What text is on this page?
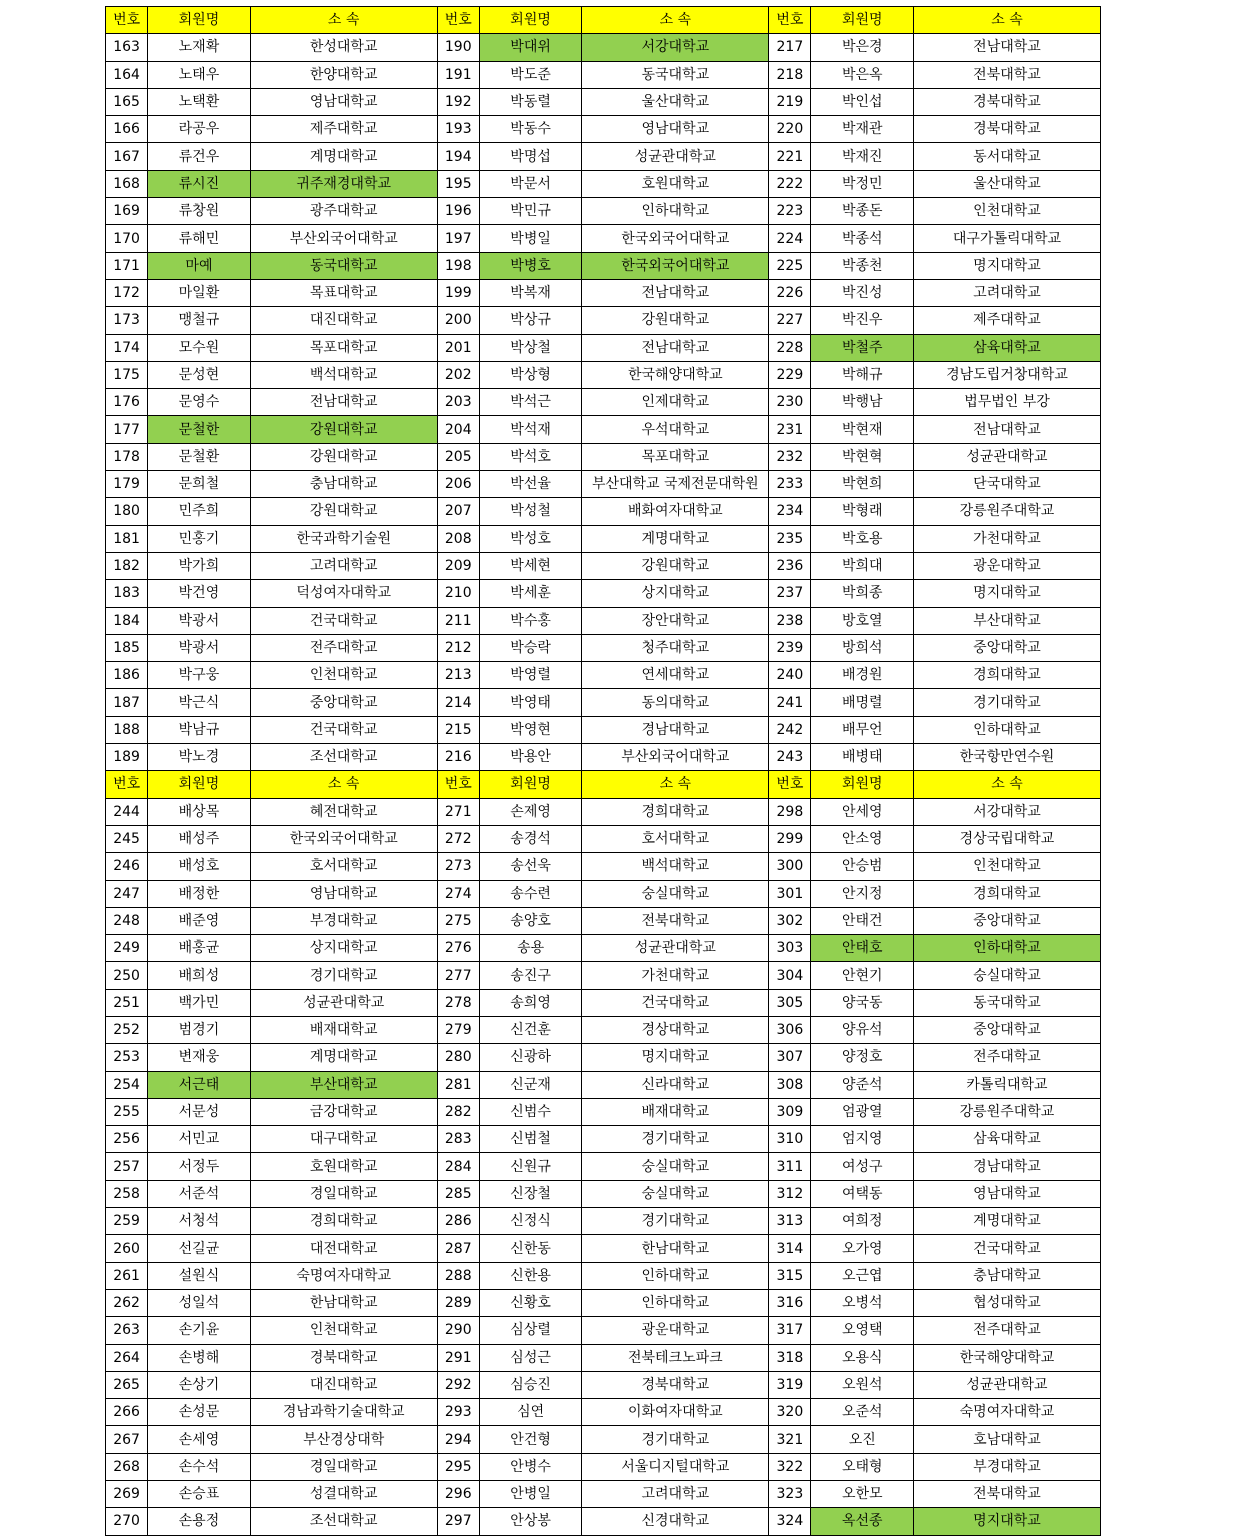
번호	회원명	소 속	번호	회원명	소 속	번호	회원명	소 속
163	노재확	한성대학교	190	박대위	서강대학교	217	박은경	전남대학교
164	노태우	한양대학교	191	박도준	동국대학교	218	박은옥	전북대학교
165	노택환	영남대학교	192	박동렬	울산대학교	219	박인섭	경북대학교
166	라공우	제주대학교	193	박동수	영남대학교	220	박재관	경북대학교
167	류건우	계명대학교	194	박명섭	성균관대학교	221	박재진	동서대학교
168	류시진	귀주재경대학교	195	박문서	호원대학교	222	박정민	울산대학교
169	류창원	광주대학교	196	박민규	인하대학교	223	박종돈	인천대학교
170	류해민	부산외국어대학교	197	박병일	한국외국어대학교	224	박종석	대구가톨릭대학교
171	마예	동국대학교	198	박병호	한국외국어대학교	225	박종천	명지대학교
172	마일환	목표대학교	199	박복재	전남대학교	226	박진성	고려대학교
173	맹철규	대진대학교	200	박상규	강원대학교	227	박진우	제주대학교
174	모수원	목포대학교	201	박상철	전남대학교	228	박철주	삼육대학교
175	문성현	백석대학교	202	박상형	한국해양대학교	229	박해규	경남도립거창대학교
176	문영수	전남대학교	203	박석근	인제대학교	230	박행남	법무법인 부강
177	문철한	강원대학교	204	박석재	우석대학교	231	박현재	전남대학교
178	문철환	강원대학교	205	박석호	목포대학교	232	박현혁	성균관대학교
179	문희철	충남대학교	206	박선율	부산대학교 국제전문대학원	233	박현희	단국대학교
180	민주희	강원대학교	207	박성철	배화여자대학교	234	박형래	강릉원주대학교
181	민홍기	한국과학기술원	208	박성호	계명대학교	235	박호용	가천대학교
182	박가희	고려대학교	209	박세현	강원대학교	236	박희대	광운대학교
183	박건영	덕성여자대학교	210	박세훈	상지대학교	237	박희종	명지대학교
184	박광서	건국대학교	211	박수홍	장안대학교	238	방호열	부산대학교
185	박광서	전주대학교	212	박승락	청주대학교	239	방희석	중앙대학교
186	박구웅	인천대학교	213	박영렬	연세대학교	240	배경원	경희대학교
187	박근식	중앙대학교	214	박영태	동의대학교	241	배명렬	경기대학교
188	박남규	건국대학교	215	박영현	경남대학교	242	배무언	인하대학교
189	박노경	조선대학교	216	박용안	부산외국어대학교	243	배병태	한국항만연수원
번호	회원명	소 속	번호	회원명	소 속	번호	회원명	소 속
244	배상목	혜전대학교	271	손제영	경희대학교	298	안세영	서강대학교
245	배성주	한국외국어대학교	272	송경석	호서대학교	299	안소영	경상국립대학교
246	배성호	호서대학교	273	송선욱	백석대학교	300	안승범	인천대학교
247	배정한	영남대학교	274	송수련	숭실대학교	301	안지정	경희대학교
248	배준영	부경대학교	275	송양호	전북대학교	302	안태건	중앙대학교
249	배홍균	상지대학교	276	송용	성균관대학교	303	안태호	인하대학교
250	배희성	경기대학교	277	송진구	가천대학교	304	안현기	숭실대학교
251	백가민	성균관대학교	278	송희영	건국대학교	305	양국동	동국대학교
252	범경기	배재대학교	279	신건훈	경상대학교	306	양유석	중앙대학교
253	변재웅	계명대학교	280	신광하	명지대학교	307	양정호	전주대학교
254	서근태	부산대학교	281	신군재	신라대학교	308	양준석	카톨릭대학교
255	서문성	금강대학교	282	신범수	배재대학교	309	엄광열	강릉원주대학교
256	서민교	대구대학교	283	신범철	경기대학교	310	엄지영	삼육대학교
257	서정두	호원대학교	284	신원규	숭실대학교	311	여성구	경남대학교
258	서준석	경일대학교	285	신장철	숭실대학교	312	여택동	영남대학교
259	서청석	경희대학교	286	신정식	경기대학교	313	여희정	계명대학교
260	선길균	대전대학교	287	신한동	한남대학교	314	오가영	건국대학교
261	설원식	숙명여자대학교	288	신한용	인하대학교	315	오근엽	충남대학교
262	성일석	한남대학교	289	신황호	인하대학교	316	오병석	협성대학교
263	손기윤	인천대학교	290	심상렬	광운대학교	317	오영택	전주대학교
264	손병해	경북대학교	291	심성근	전북테크노파크	318	오용식	한국해양대학교
265	손상기	대진대학교	292	심승진	경북대학교	319	오원석	성균관대학교
266	손성문	경남과학기술대학교	293	심연	이화여자대학교	320	오준석	숙명여자대학교
267	손세영	부산경상대학	294	안건형	경기대학교	321	오진	호남대학교
268	손수석	경일대학교	295	안병수	서울디지털대학교	322	오태형	부경대학교
269	손승표	성결대학교	296	안병일	고려대학교	323	오한모	전북대학교
270	손용정	조선대학교	297	안상봉	신경대학교	324	옥선종	명지대학교
